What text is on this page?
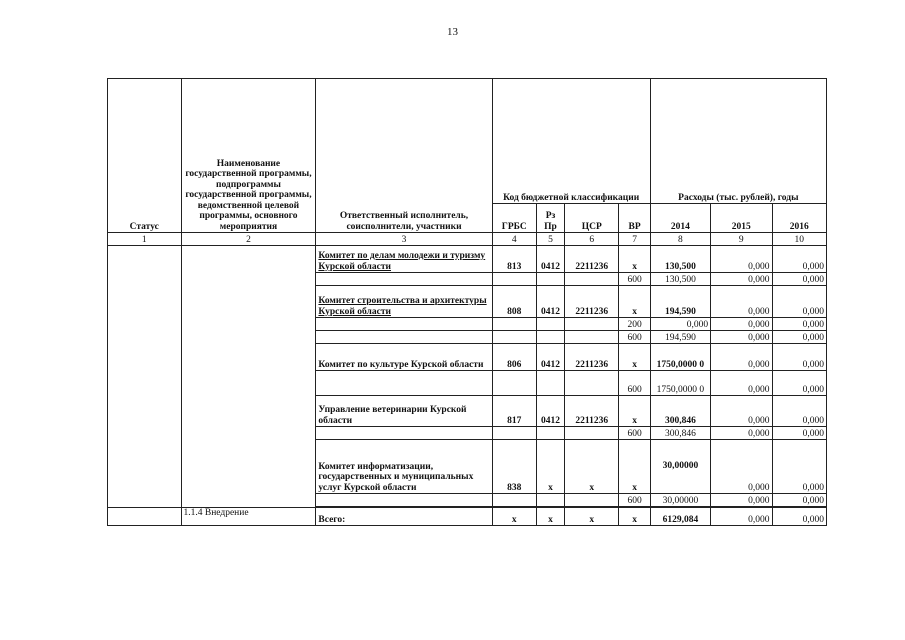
13
Статус	Наименование государственной программы, подпрограммы государственной программы, ведомственной целевой программы, основного мероприятия	Ответственный исполнитель, соисполнители, участники	Код бюджетной классификации				Расходы (тыс. рублей), годы		
			ГРБС	Рз Пр	ЦСР	ВР	2014	2015	2016
1	2	3	4	5	6	7	8	9	10
		Комитет по делам молодежи и туризму Курской области	813	0412	2211236	х	130,500	0,000	0,000
						600	130,500	0,000	0,000
		Комитет строительства и архитектуры Курской области	808	0412	2211236	х	194,590	0,000	0,000
						200	0,000	0,000	0,000
						600	194,590	0,000	0,000
		Комитет по культуре Курской области	806	0412	2211236	х	1750,0000 0	0,000	0,000
						600	1750,0000 0	0,000	0,000
		Управление ветеринарии Курской области	817	0412	2211236	х	300,846	0,000	0,000
						600	300,846	0,000	0,000
		Комитет информатизации, государственных и муниципальных услуг Курской области	838	х	х	х	30,00000	0,000	0,000
						600	30,00000	0,000	0,000

	1.1.4 Внедрение	Всего:	х	х	х	х	6129,084	0,000	0,000
